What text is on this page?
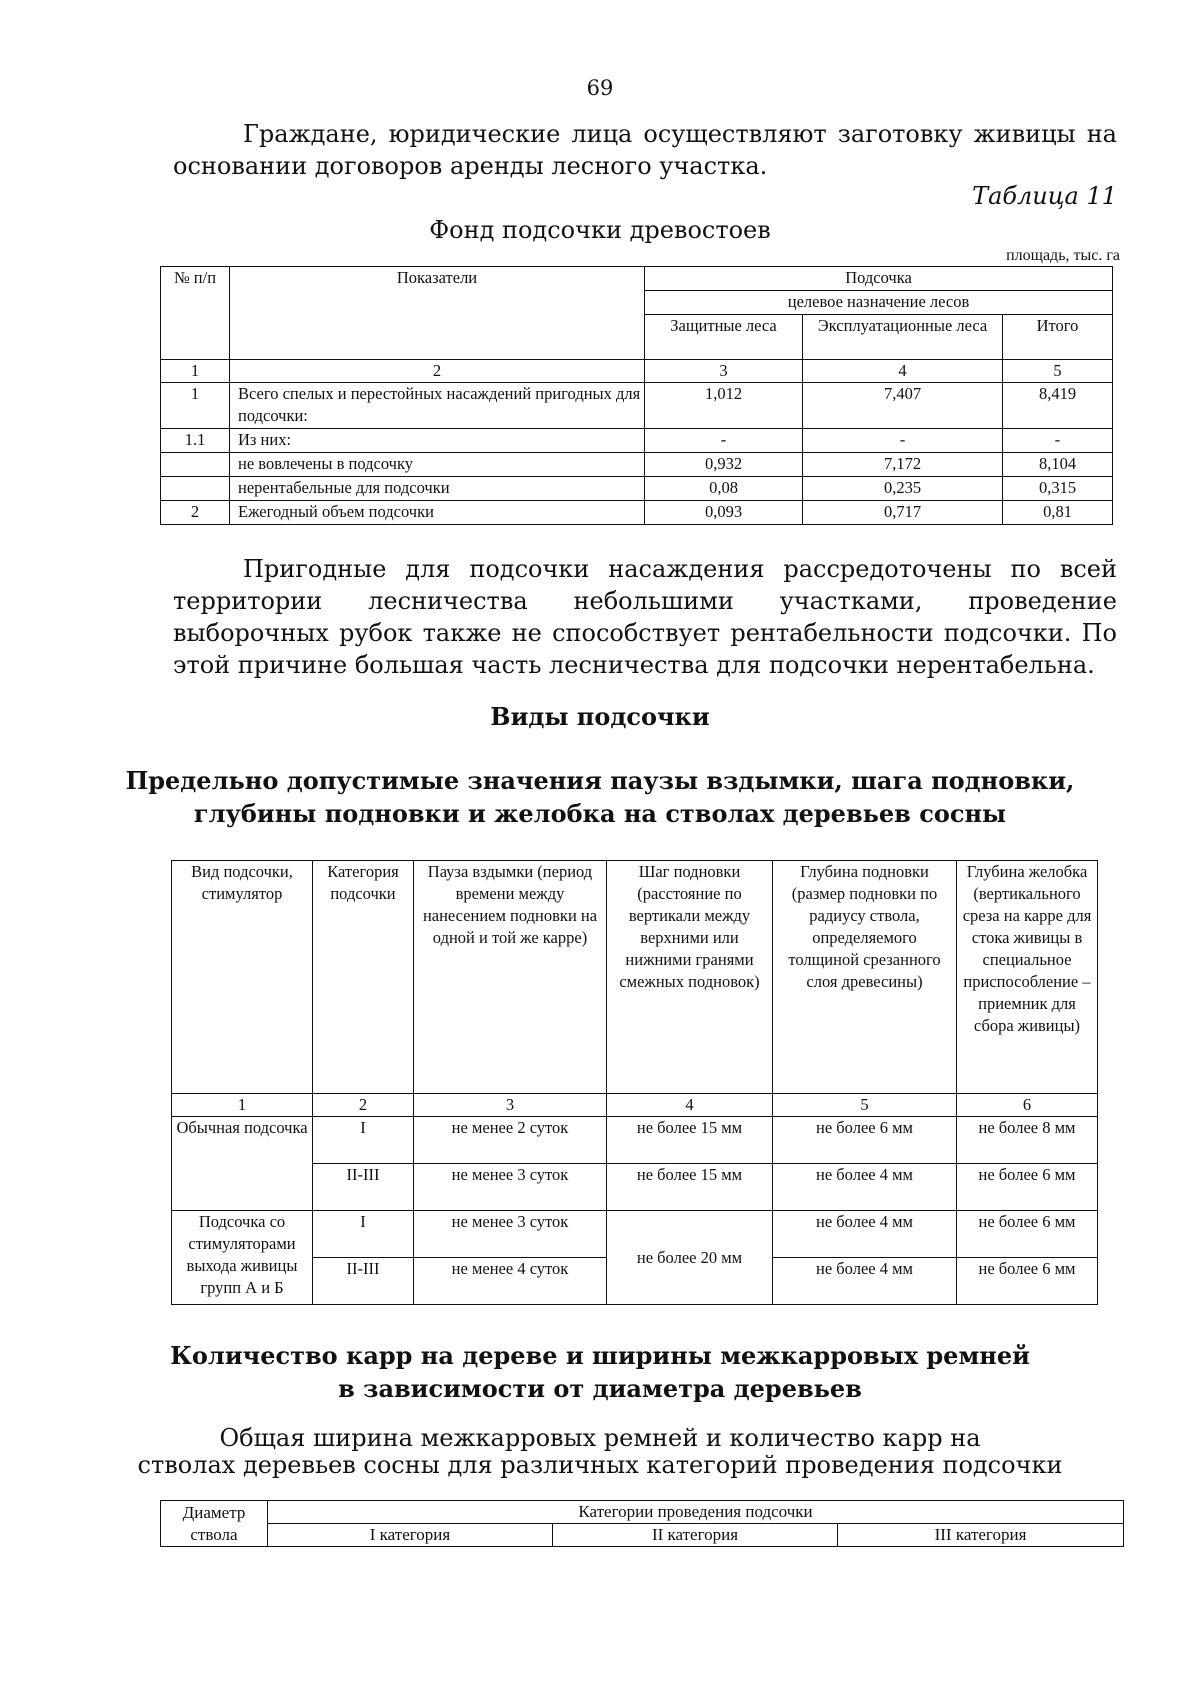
69

Граждане, юридические лица осуществляют заготовку живицы на основании договоров аренды лесного участка.

Таблица 11
Фонд подсочки древостоев
площадь, тыс. га
№ п/п	Показатели	Подсочка		
		целевое назначение лесов		
		Защитные леса	Эксплуатационные леса	Итого
1	2	3	4	5
1	Всего спелых и перестойных насаждений пригодных для подсочки:	1,012	7,407	8,419
1.1	Из них:	-	-	-
	не вовлечены в подсочку	0,932	7,172	8,104
	нерентабельные для подсочки	0,08	0,235	0,315
2	Ежегодный объем подсочки	0,093	0,717	0,81

Пригодные для подсочки насаждения рассредоточены по всей территории лесничества небольшими участками, проведение выборочных рубок также не способствует рентабельности подсочки. По этой причине большая часть лесничества для подсочки нерентабельна.

Виды подсочки
Предельно допустимые значения паузы вздымки, шага подновки,
глубины подновки и желобка на стволах деревьев сосны
Вид подсочки, стимулятор	Категория подсочки	Пауза вздымки (период времени между нанесением подновки на одной и той же карре)	Шаг подновки (расстояние по вертикали между верхними или нижними гранями смежных подновок)	Глубина подновки (размер подновки по радиусу ствола, определяемого толщиной срезанного слоя древесины)	Глубина желобка (вертикального среза на карре для стока живицы в специальное приспособление –приемник для сбора живицы)
1	2	3	4	5	6
Обычная подсочка	I	не менее 2 суток	не более 15 мм	не более 6 мм	не более 8 мм
	II-III	не менее 3 суток	не более 15 мм	не более 4 мм	не более 6 мм
Подсочка со стимуляторами выхода живицы групп А и Б	I	не менее 3 суток	не более 20 мм	не более 4 мм	не более 6 мм
	II-III	не менее 4 суток		не более 4 мм	не более 6 мм
Количество карр на дереве и ширины межкарровых ремней
в зависимости от диаметра деревьев
Общая ширина межкарровых ремней и количество карр на
стволах деревьев сосны для различных категорий проведения подсочки
Диаметр ствола	Категории проведения подсочки		
	I категория	II категория	III категория
